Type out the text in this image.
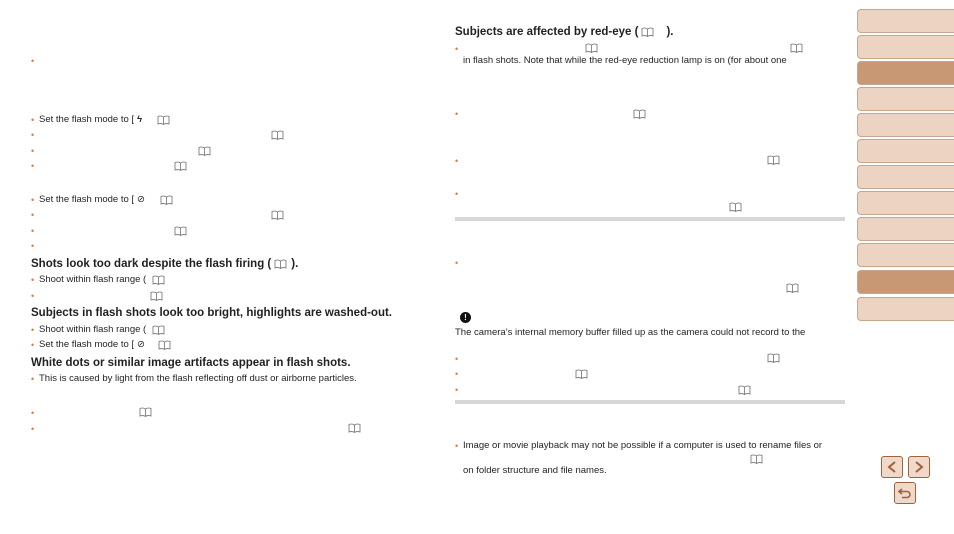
•
• Set the flash mode to [ ϟ
•
•
•
• Set the flash mode to [ ⊘
•
•
•
Shots look too dark despite the flash firing ( ).
• Shoot within flash range (
•
Subjects in flash shots look too bright, highlights are washed-out.
• Shoot within flash range (
• Set the flash mode to [ ⊘
White dots or similar image artifacts appear in flash shots.
• This is caused by light from the flash reflecting off dust or airborne particles.
•
•
Subjects are affected by red-eye ( ).
•
in flash shots. Note that while the red-eye reduction lamp is on (for about one
•
•
•
•
!
The camera’s internal memory buffer filled up as the camera could not record to the
•
•
•
• Image or movie playback may not be possible if a computer is used to rename files or
on folder structure and file names.
